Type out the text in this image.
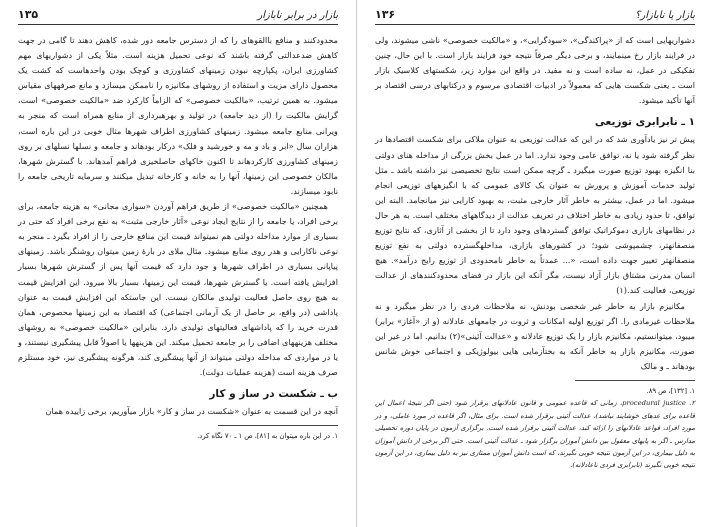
بازار در برابر نابازار
۱۳۵

محدودکنند و منافع باالقوهای را که از دسترس جامعه دور شده، کاهش دهند تا گامی در جهت کاهش ضدعدالتی گرفته باشند که نوعی تحمیل هزینه است. مثلاً یکی از دشواریهای مهم کشاورزی ایران، پکپارچه نبودن زمینهای کشاورزی و کوچک بودن واحدهاست که کشت یک محصول دارای مزیت و استفاده از روشهای مکانیزه را ناممکن میسازد و مانع صرفههای مقیاس میشود. به همین ترتیب، «مالکیت خصوصی» که الزاماً کارکرد ضد «مالکیت خصوصی» است، گرایش مالکیت را (از دید جامعه) در تولید و بهرهبرداری از منابع همراه است که منجر به ویرانی منابع جامعه میشود. زمینهای کشاورزی اطراف شهرها مثال خوبی در این باره است، هزاران سال «ابر و باد و مه و خورشید و فلک» درکار بودهاند و جامعه و نسلها نسلهای بر روی زمینهای کشاورزی کارکردهاند تا اکنون خاکهای حاصلخیزی فراهم آمدهاند. با گسترش شهرها، مالکان خصوصی این زمینها، آنها را به خانه و کارخانه تبدیل میکنند و سرمایه تاریخی جامعه را نابود میسازند.

همچنین «مالکیت خصوصی» از طریق فراهم آوردن «سواری مجانی» به هزینه جامعه، برای برخی افراد، یا جامعه را از نتایج ایجاد نوعی «آثار خارجی مثبت» به نفع برخی افراد که حتی در بسیاری از موارد مداخله دولتی هم نمیتواند قیمت این منافع خارجی را از افراد بگیرد ـ منجر به نوعی ناکارایی و هدر روی منابع میشود. مثال ملای در بارهٔ زمین میتوان روشنگر باشد. زمینهای پیاپانی بسیاری در اطراف شهرها و جود دارد که قیمت آنها پس از گسترش شهرها بسیار افزایش یافته است. یا گسترش شهرها، قیمت این زمینها، بسیار بالا میرود. این افزایش قیمت به هیچ روی حاصل فعالیت تولیدی مالکان نیست. این جاستکه این افزایش قیمت به عنوان پاداشی (در واقع، بر حاصل از یک آرمانی اجتماعی) که اقتصاد به این زمینها محصوص، همان قدرت خرید را که پاداشهای فعالیتهای تولیدی دارد. بنابراین «مالکیت خصوصی» به روشهای مختلف هزینههای اضافی را بر جامعه تحمیل میکند. این هزینهها یا اصولاً قابل پیشگیری نیستند، و یا در مواردی که مداخله دولتی میتواند از آنها پیشگیری کند، هرگونه پیشگیری نیز، خود مستلزم صرف هزینه است (هزینه عملیات دولت).

ب ـ شکست در ساز و کار

آنچه در این قسمت به عنوان «شکست در ساز و کار» بازار میآوریم، برخی زاییده همان

۱. در این باره میتوان به [۸۱]، ص ۱ ـ ۷۰ نگاه کرد.

بازار یا نابازار؟
۱۳۶

دشواریهایی است که از «پراکندگی»، «سودگرایی»، و «مالکیت خصوصی» ناشی میشوند، ولی در فرایند بازار رخ مینمایند، و برخی دیگر صرفاً نتیجه خود فرایند بازار است. با این حال، چنین تفکیکی در عمل، نه ساده است و نه مفید. در واقع این موارد زیر، شکستهای کلاسیک بازار است ـ یعنی شکست هایی که معمولاً در ادبیات اقتصادی مرسوم و درکتابهای درسی اقتصاد بر آنها تأکید میشود.

۱ ـ نابرابری توزیعی

پیش تر نیز یادآوری شد که در این که عدالت توزیعی به عنوان ملاکی برای شکست اقتصادها در نظر گرفته شود یا نه، توافق عامی وجود ندارد. اما در عمل بخش بزرگی از مداخله هنای دولتی بنا انگیزه بهبود توزیع صورت میگیرد ـ گرچه ممکن است نتایج تخصیصی نیز داشته باشد ـ مثل تولید خدمات آموزش و پرورش به عنوان یک کالای عمومی که با انگیزههای توزیعی انجام میشود. اما در عمل، بیشتر به خاطر آثار خارجی مثبت، به بهبود کارایی نیز میانجامد. البته این توافق، تا حدود زیادی به خاطر اختلاف در تعریف عدالت از دیدگاههای مختلف است. به هر حال در نظامهای بازاری دموکراتیک توافق گستردهای وجود دارد تا از بخشی از آثاری، که نتایج توزیع منصفانهتر، چشمپوشی شود؛ در کشورهای بازاری، مداخلهگسترده دولتی به نفع توزیع منصفانهتر تغییر جهت داده است، «... عمدتاً به خاطر نامحدودی از توزیع رایج درآمد». هیچ انسان مدرنی مشتاق بازار آزاد نیست، مگر آنکه این بازار در فضای محدودکنندهای از عدالت توزیعی، فعالیت کند.(۱)

مکانیزم بازار به خاطر غیر شخصی بودنش، نه ملاحظات فردی را در نظر میگیرد و نه ملاحظات غیرمادی را. اگر توزیع اولیه امکانات و ثروت در جامعهای عادلانه (و از «آغاز» برابر) میبود، میتوانستیم، مکانیزم بازار را یک توزیع عادلانه و «عدالت آئینی»(۲) بدانیم. اما در غیر این صورت، مکانیزم بازار به خاطر آنکه به بختآزمایی هایی بیولوژیکی و اجتماعی خوش شانس بودهاند ـ و مالک

۱. [۱۳۲]، ص ۸۹.

۲. procedural justice، زمانی که قاعده عمومی و قانون عادلانهای برقرار شود (حتی اگر نتیجهٔ اعمال این قاعده برای عدهای خوشایند نباشد)، عدالت آئینی برقرار شده است. برای مثال، اگر قاعده در مورد عاملی، و در مورد افراد، قواعد عادلانهای را ارائه کند، عدالت آئینی برقرار شده است. برگزاری آزمون در پایان دوره تحصیلی مدارس ـ اگر به پایهای معقول بین دانش آموزان برگزار شود ـ عدالت آئینی است. حتی اگر برخی از دانش آموزان به دلیل بیماری، در این آزمون نتیجه خوبی نگیرند، که است دانش آموزان ممتازی نیز به دلیل بیماری، در این آزمون نتیجه خوبی نگیرند (نابرابری فردی ناعادلانه).
